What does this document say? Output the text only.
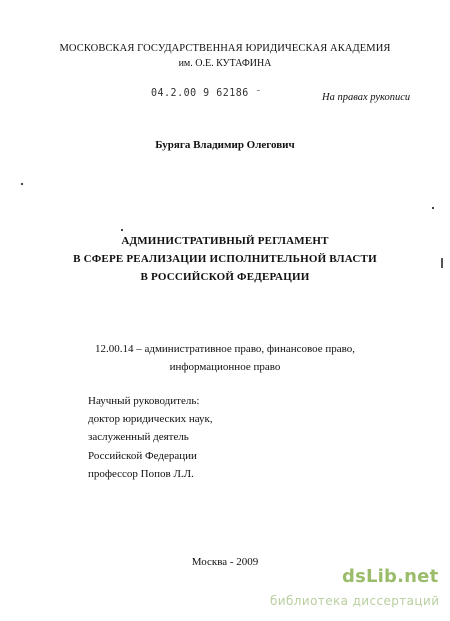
МОСКОВСКАЯ ГОСУДАРСТВЕННАЯ ЮРИДИЧЕСКАЯ АКАДЕМИЯ
им. О.Е. КУТАФИНА
04.2.00 9 62186 ⁻	На правах рукописи
Буряга Владимир Олегович
АДМИНИСТРАТИВНЫЙ РЕГЛАМЕНТ
В СФЕРЕ РЕАЛИЗАЦИИ ИСПОЛНИТЕЛЬНОЙ ВЛАСТИ
В РОССИЙСКОЙ ФЕДЕРАЦИИ
12.00.14 – административное право, финансовое право,
информационное право
Научный руководитель:
доктор юридических наук,
заслуженный деятель
Российской Федерации
профессор Попов Л.Л.
Москва - 2009
dsLib.net
библиотека диссертаций
